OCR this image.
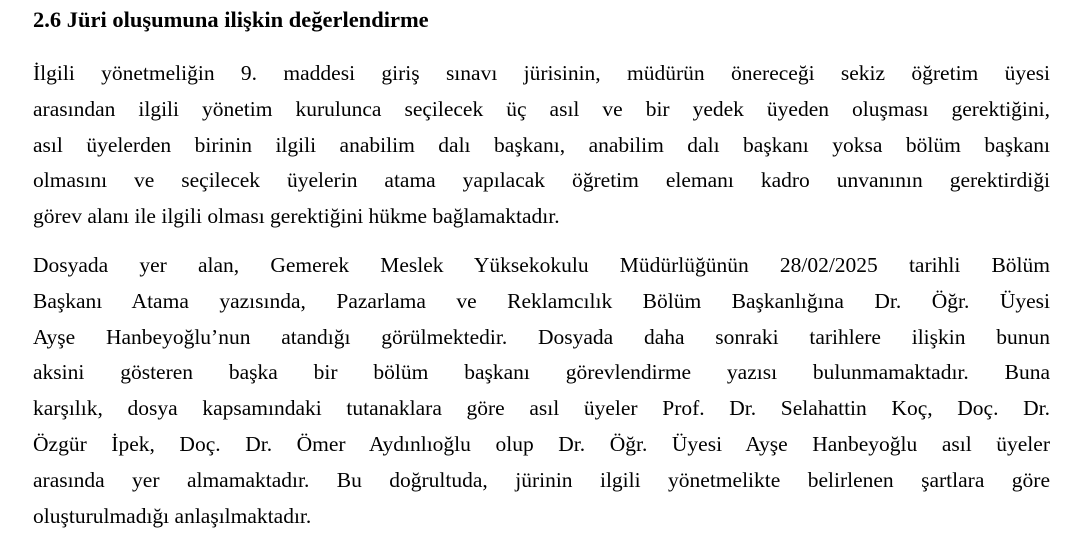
2.6 Jüri oluşumuna ilişkin değerlendirme
İlgili yönetmeliğin 9. maddesi giriş sınavı jürisinin, müdürün önereceği sekiz öğretim üyesi
arasından ilgili yönetim kurulunca seçilecek üç asıl ve bir yedek üyeden oluşması gerektiğini,
asıl üyelerden birinin ilgili anabilim dalı başkanı, anabilim dalı başkanı yoksa bölüm başkanı
olmasını ve seçilecek üyelerin atama yapılacak öğretim elemanı kadro unvanının gerektirdiği
görev alanı ile ilgili olması gerektiğini hükme bağlamaktadır.
Dosyada yer alan, Gemerek Meslek Yüksekokulu Müdürlüğünün 28/02/2025 tarihli Bölüm
Başkanı Atama yazısında, Pazarlama ve Reklamcılık Bölüm Başkanlığına Dr. Öğr. Üyesi
Ayşe Hanbeyoğlu’nun atandığı görülmektedir. Dosyada daha sonraki tarihlere ilişkin bunun
aksini gösteren başka bir bölüm başkanı görevlendirme yazısı bulunmamaktadır. Buna
karşılık, dosya kapsamındaki tutanaklara göre asıl üyeler Prof. Dr. Selahattin Koç, Doç. Dr.
Özgür İpek, Doç. Dr. Ömer Aydınlıoğlu olup Dr. Öğr. Üyesi Ayşe Hanbeyoğlu asıl üyeler
arasında yer almamaktadır. Bu doğrultuda, jürinin ilgili yönetmelikte belirlenen şartlara göre
oluşturulmadığı anlaşılmaktadır.
